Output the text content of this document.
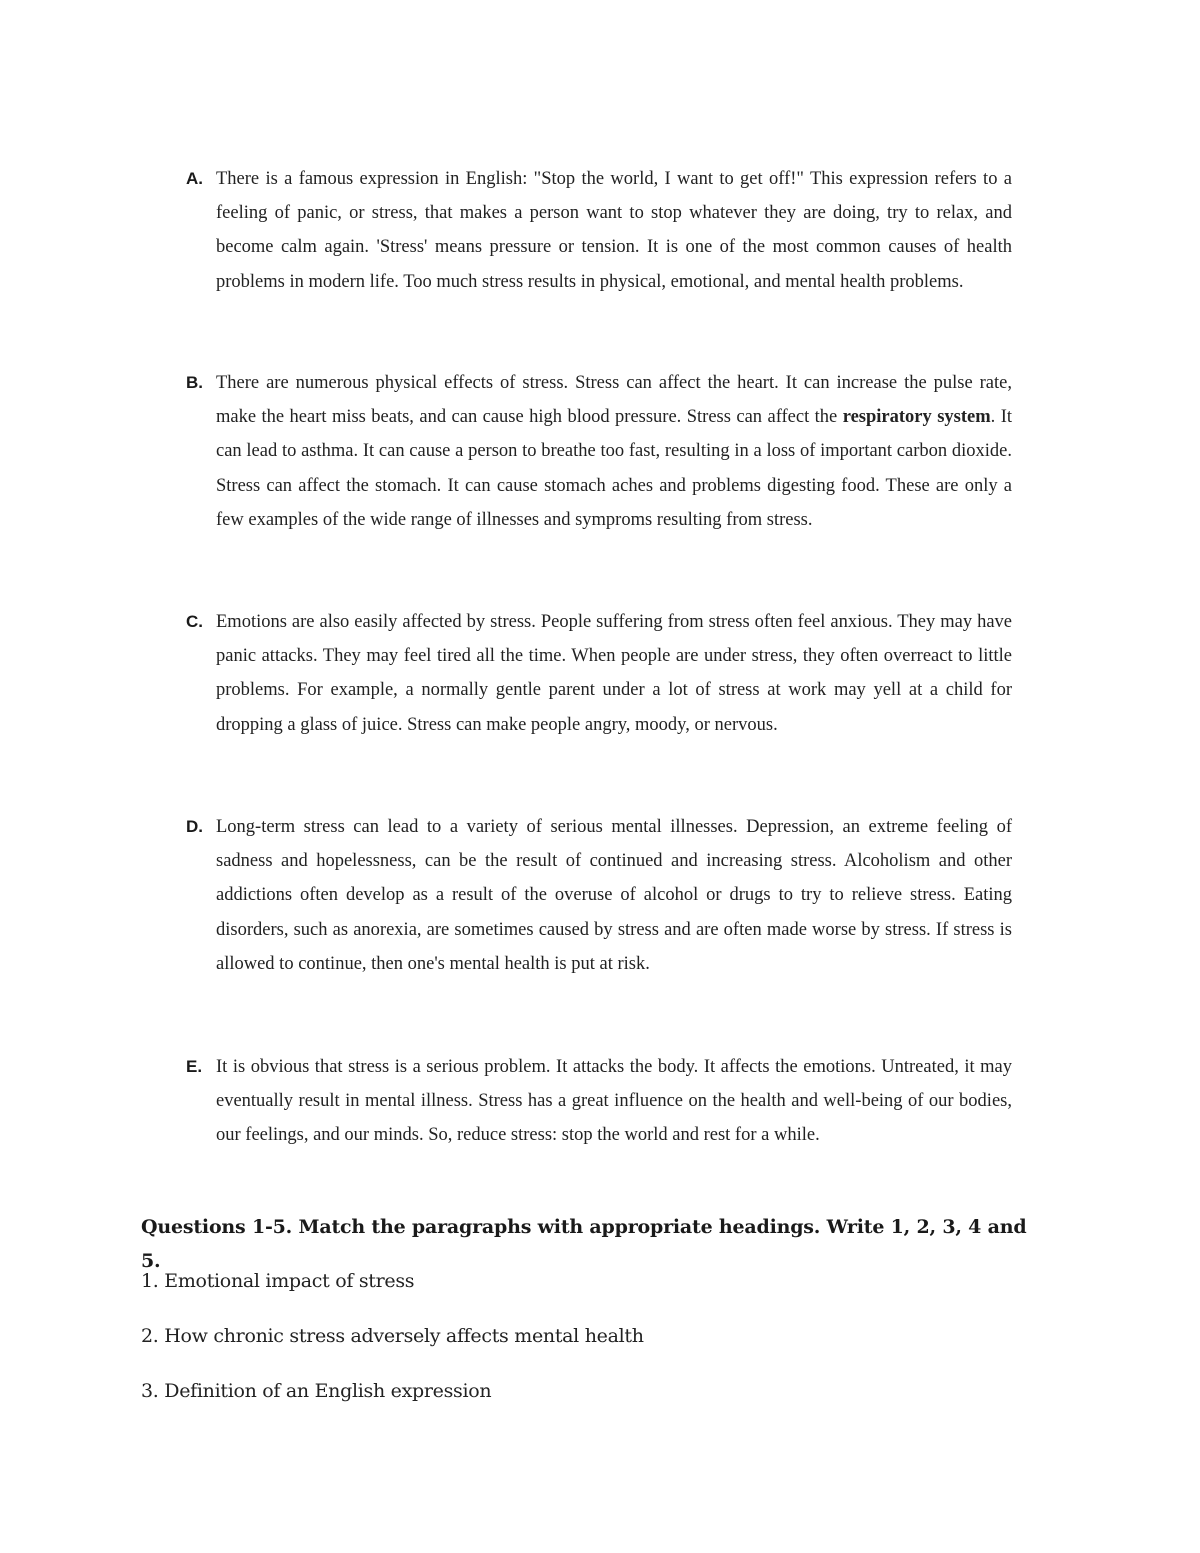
A. There is a famous expression in English: "Stop the world, I want to get off!" This expression refers to a feeling of panic, or stress, that makes a person want to stop whatever they are doing, try to relax, and become calm again. 'Stress' means pressure or tension. It is one of the most common causes of health problems in modern life. Too much stress results in physical, emotional, and mental health problems.

B. There are numerous physical effects of stress. Stress can affect the heart. It can increase the pulse rate, make the heart miss beats, and can cause high blood pressure. Stress can affect the respiratory system. It can lead to asthma. It can cause a person to breathe too fast, resulting in a loss of important carbon dioxide. Stress can affect the stomach. It can cause stomach aches and problems digesting food. These are only a few examples of the wide range of illnesses and symproms resulting from stress.

C. Emotions are also easily affected by stress. People suffering from stress often feel anxious. They may have panic attacks. They may feel tired all the time. When people are under stress, they often overreact to little problems. For example, a normally gentle parent under a lot of stress at work may yell at a child for dropping a glass of juice. Stress can make people angry, moody, or nervous.

D. Long-term stress can lead to a variety of serious mental illnesses. Depression, an extreme feeling of sadness and hopelessness, can be the result of continued and increasing stress. Alcoholism and other addictions often develop as a result of the overuse of alcohol or drugs to try to relieve stress. Eating disorders, such as anorexia, are sometimes caused by stress and are often made worse by stress. If stress is allowed to continue, then one's mental health is put at risk.

E. It is obvious that stress is a serious problem. It attacks the body. It affects the emotions. Untreated, it may eventually result in mental illness. Stress has a great influence on the health and well-being of our bodies, our feelings, and our minds. So, reduce stress: stop the world and rest for a while.

Questions 1-5. Match the paragraphs with appropriate headings. Write 1, 2, 3, 4 and 5.
1. Emotional impact of stress
2. How chronic stress adversely affects mental health
3. Definition of an English expression
